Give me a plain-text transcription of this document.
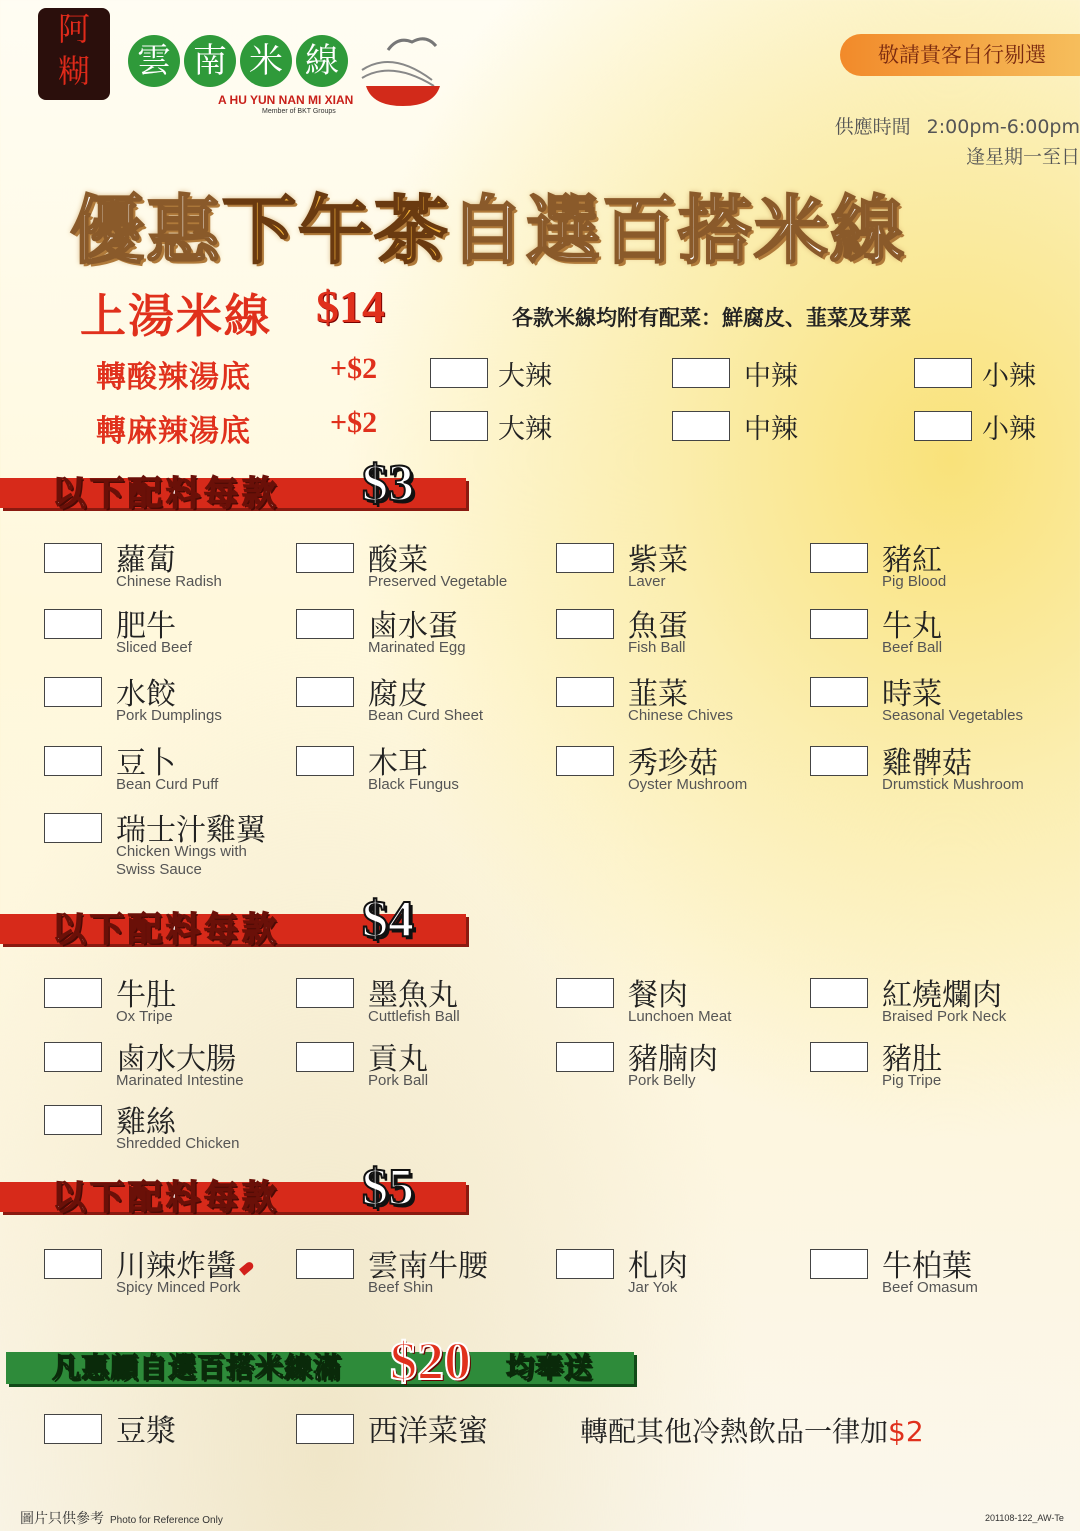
阿
糊	雲 南 米 線
A HU YUN NAN MI XIAN
Member of BKT Groups
敬請貴客自行剔選
供應時間 2:00pm-6:00pm
逢星期一至日
優惠下午茶自選百搭米線
上湯米線 $14	各款米線均附有配菜：鮮腐皮、韮菜及芽菜
轉酸辣湯底	+$2	大辣	中辣	小辣
轉麻辣湯底	+$2	大辣	中辣	小辣
以下配料每款 $3
蘿蔔
Chinese Radish
酸菜
Preserved Vegetable
紫菜
Laver
豬紅
Pig Blood
肥牛
Sliced Beef
鹵水蛋
Marinated Egg
魚蛋
Fish Ball
牛丸
Beef Ball
水餃
Pork Dumplings
腐皮
Bean Curd Sheet
韮菜
Chinese Chives
時菜
Seasonal Vegetables
豆卜
Bean Curd Puff
木耳
Black Fungus
秀珍菇
Oyster Mushroom
雞髀菇
Drumstick Mushroom
瑞士汁雞翼
Chicken Wings with
Swiss Sauce
以下配料每款 $4
牛肚
Ox Tripe
墨魚丸
Cuttlefish Ball
餐肉
Lunchoen Meat
紅燒爛肉
Braised Pork Neck
鹵水大腸
Marinated Intestine
貢丸
Pork Ball
豬腩肉
Pork Belly
豬肚
Pig Tripe
雞絲
Shredded Chicken
以下配料每款 $5
川辣炸醬
Spicy Minced Pork
雲南牛腰
Beef Shin
札肉
Jar Yok
牛柏葉
Beef Omasum
凡惠顧自選百搭米線滿 $20 均奉送
豆漿	西洋菜蜜	轉配其他冷熱飲品一律加$2
圖片只供參考 Photo for Reference Only	201108-122_AW-Te
